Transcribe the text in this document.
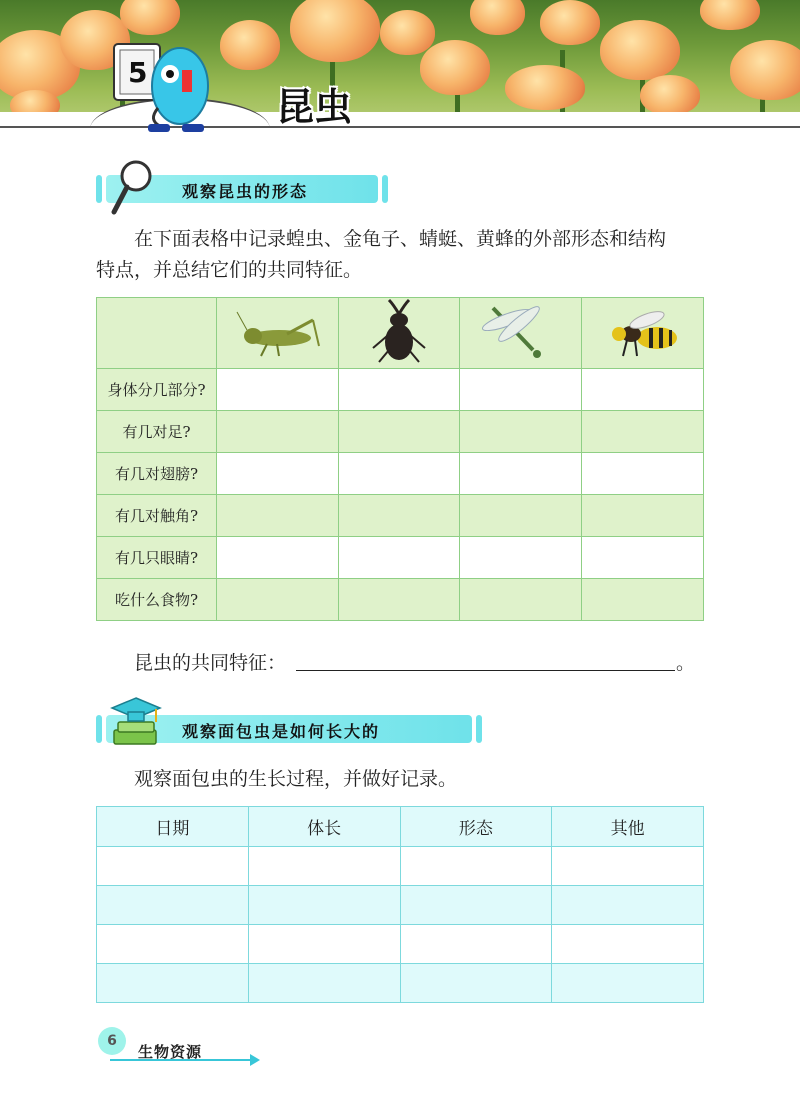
5
昆虫
观察昆虫的形态
在下面表格中记录蝗虫、金龟子、蜻蜓、黄蜂的外部形态和结构
特点，并总结它们的共同特征。

身体分几部分?				
有几对足?				
有几对翅膀?				
有几对触角?				
有几只眼睛?				
吃什么食物?				
昆虫的共同特征：	。
观察面包虫是如何长大的
观察面包虫的生长过程，并做好记录。
日期	体长	形态	其他

6
生物资源
